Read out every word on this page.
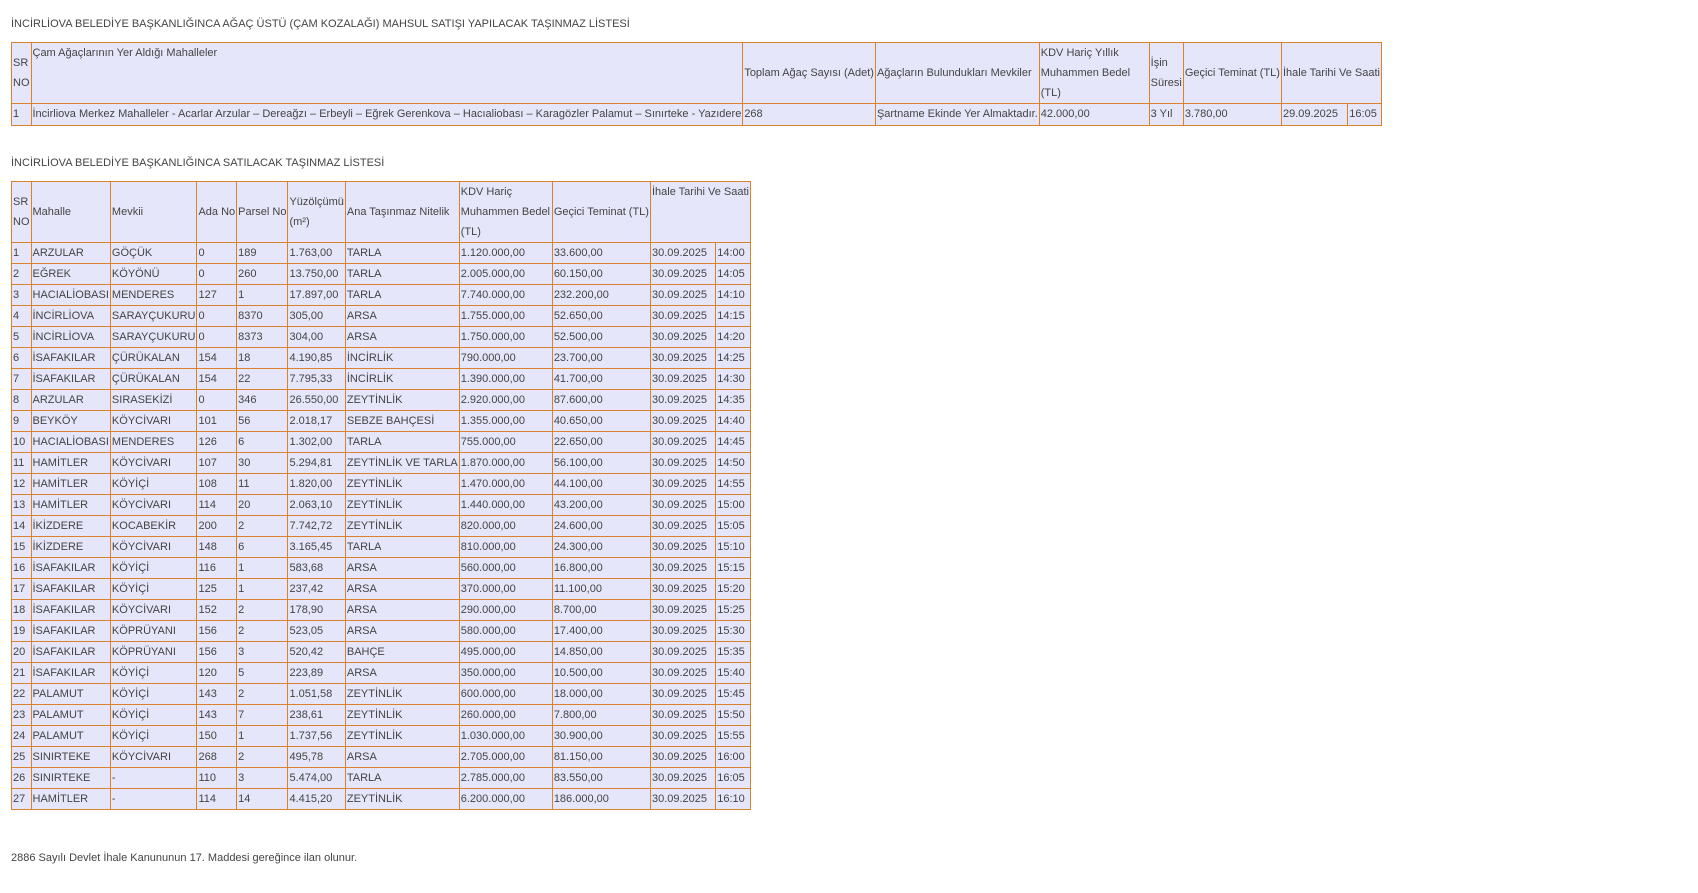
İNCİRLİOVA BELEDİYE BAŞKANLIĞINCA AĞAÇ ÜSTÜ (ÇAM KOZALAĞI) MAHSUL SATIŞI YAPILACAK TAŞINMAZ LİSTESİ
SR NO	Çam Ağaçlarının Yer Aldığı Mahalleler	Toplam Ağaç Sayısı (Adet)	Ağaçların Bulundukları Mevkiler	KDV Hariç Yıllık Muhammen Bedel (TL)	İşin Süresi	Geçici Teminat (TL)	İhale Tarihi Ve Saati	
1	İncirliova Merkez Mahalleler - Acarlar Arzular – Dereağzı – Erbeyli – Eğrek Gerenkova – Hacıaliobası – Karagözler Palamut – Sınırteke - Yazıdere	268	Şartname Ekinde Yer Almaktadır.	42.000,00	3 Yıl	3.780,00	29.09.2025	16:05
İNCİRLİOVA BELEDİYE BAŞKANLIĞINCA SATILACAK TAŞINMAZ LİSTESİ
SR NO	Mahalle	Mevkii	Ada No	Parsel No	Yüzölçümü (m²)	Ana Taşınmaz Nitelik	KDV Hariç Muhammen Bedel (TL)	Geçici Teminat (TL)	İhale Tarihi Ve Saati	
1	ARZULAR	GÖÇÜK	0	189	1.763,00	TARLA	1.120.000,00	33.600,00	30.09.2025	14:00
2	EĞREK	KÖYÖNÜ	0	260	13.750,00	TARLA	2.005.000,00	60.150,00	30.09.2025	14:05
3	HACIALİOBASI	MENDERES	127	1	17.897,00	TARLA	7.740.000,00	232.200,00	30.09.2025	14:10
4	İNCİRLİOVA	SARAYÇUKURU	0	8370	305,00	ARSA	1.755.000,00	52.650,00	30.09.2025	14:15
5	İNCİRLİOVA	SARAYÇUKURU	0	8373	304,00	ARSA	1.750.000,00	52.500,00	30.09.2025	14:20
6	İSAFAKILAR	ÇÜRÜKALAN	154	18	4.190,85	İNCİRLİK	790.000,00	23.700,00	30.09.2025	14:25
7	İSAFAKILAR	ÇÜRÜKALAN	154	22	7.795,33	İNCİRLİK	1.390.000,00	41.700,00	30.09.2025	14:30
8	ARZULAR	SIRASEKİZİ	0	346	26.550,00	ZEYTİNLİK	2.920.000,00	87.600,00	30.09.2025	14:35
9	BEYKÖY	KÖYCİVARI	101	56	2.018,17	SEBZE BAHÇESİ	1.355.000,00	40.650,00	30.09.2025	14:40
10	HACIALİOBASI	MENDERES	126	6	1.302,00	TARLA	755.000,00	22.650,00	30.09.2025	14:45
11	HAMİTLER	KÖYCİVARI	107	30	5.294,81	ZEYTİNLİK VE TARLA	1.870.000,00	56.100,00	30.09.2025	14:50
12	HAMİTLER	KÖYİÇİ	108	11	1.820,00	ZEYTİNLİK	1.470.000,00	44.100,00	30.09.2025	14:55
13	HAMİTLER	KÖYCİVARI	114	20	2.063,10	ZEYTİNLİK	1.440.000,00	43.200,00	30.09.2025	15:00
14	İKİZDERE	KOCABEKİR	200	2	7.742,72	ZEYTİNLİK	820.000,00	24.600,00	30.09.2025	15:05
15	İKİZDERE	KÖYCİVARI	148	6	3.165,45	TARLA	810.000,00	24.300,00	30.09.2025	15:10
16	İSAFAKILAR	KÖYİÇİ	116	1	583,68	ARSA	560.000,00	16.800,00	30.09.2025	15:15
17	İSAFAKILAR	KÖYİÇİ	125	1	237,42	ARSA	370.000,00	11.100,00	30.09.2025	15:20
18	İSAFAKILAR	KÖYCİVARI	152	2	178,90	ARSA	290.000,00	8.700,00	30.09.2025	15:25
19	İSAFAKILAR	KÖPRÜYANI	156	2	523,05	ARSA	580.000,00	17.400,00	30.09.2025	15:30
20	İSAFAKILAR	KÖPRÜYANI	156	3	520,42	BAHÇE	495.000,00	14.850,00	30.09.2025	15:35
21	İSAFAKILAR	KÖYİÇİ	120	5	223,89	ARSA	350.000,00	10.500,00	30.09.2025	15:40
22	PALAMUT	KÖYİÇİ	143	2	1.051,58	ZEYTİNLİK	600.000,00	18.000,00	30.09.2025	15:45
23	PALAMUT	KÖYİÇİ	143	7	238,61	ZEYTİNLİK	260.000,00	7.800,00	30.09.2025	15:50
24	PALAMUT	KÖYİÇİ	150	1	1.737,56	ZEYTİNLİK	1.030.000,00	30.900,00	30.09.2025	15:55
25	SINIRTEKE	KÖYCİVARI	268	2	495,78	ARSA	2.705.000,00	81.150,00	30.09.2025	16:00
26	SINIRTEKE	-	110	3	5.474,00	TARLA	2.785.000,00	83.550,00	30.09.2025	16:05
27	HAMİTLER	-	114	14	4.415,20	ZEYTİNLİK	6.200.000,00	186.000,00	30.09.2025	16:10
2886 Sayılı Devlet İhale Kanununun 17. Maddesi gereğince ilan olunur.
